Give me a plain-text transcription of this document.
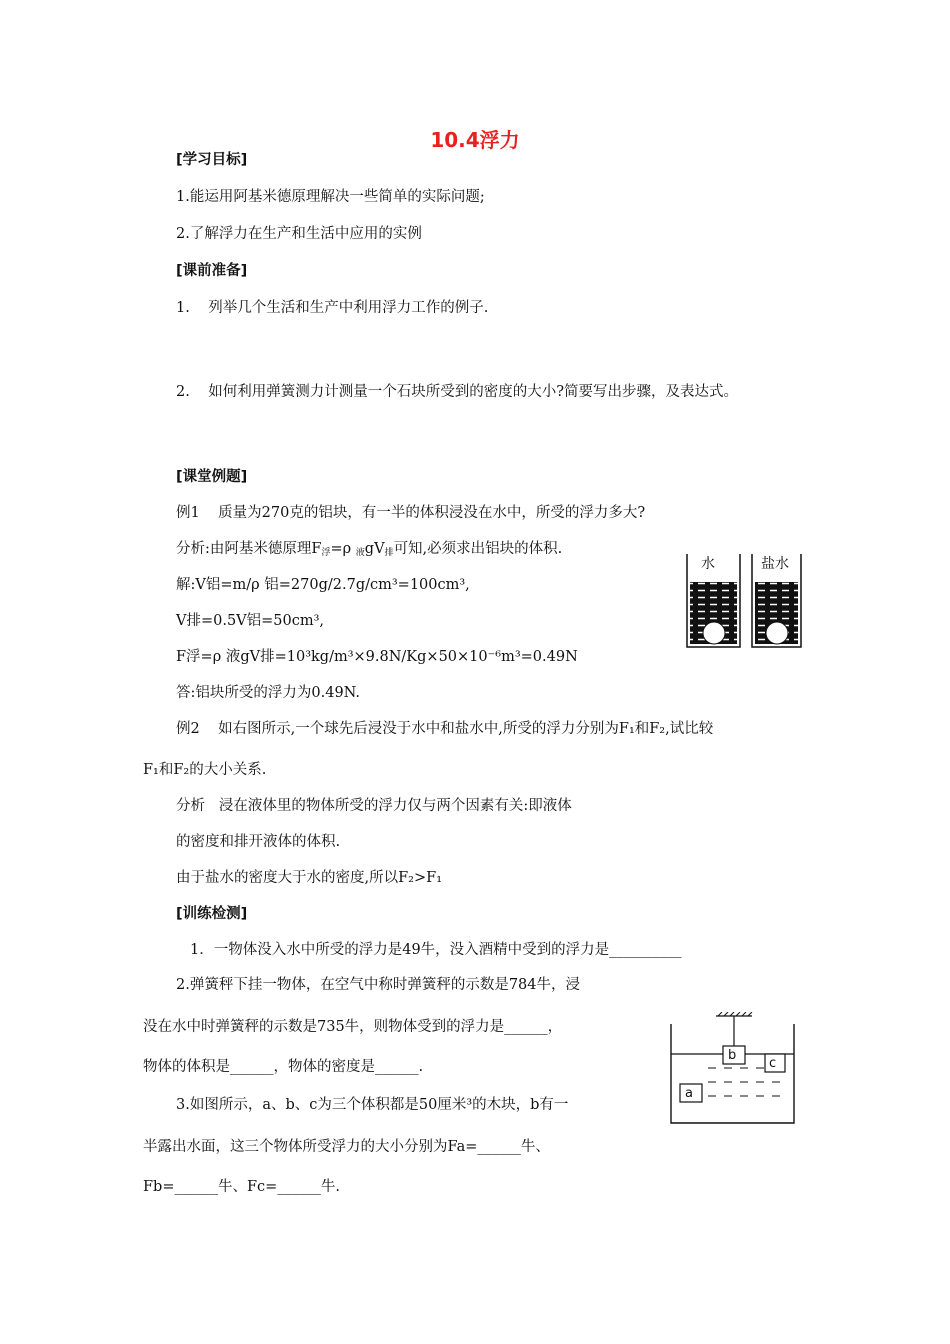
10.4浮力
[学习目标]
1.能运用阿基米德原理解决一些简单的实际问题;
2.了解浮力在生产和生活中应用的实例
[课前准备]
1.    列举几个生活和生产中利用浮力工作的例子.
2.    如何利用弹簧测力计测量一个石块所受到的密度的大小?简要写出步骤，及表达式。
[课堂例题]
例1    质量为270克的铝块，有一半的体积浸没在水中，所受的浮力多大?
分析:由阿基米德原理$F_浮=\rho$ $_液gV_排$可知,必须求出铝块的体积.
解:V铝=m/ρ 铝=270g/2.7g/cm³=100cm³,
V排=0.5V铝=50cm³,
F浮=ρ 液gV排=10³kg/m³×9.8N/Kg×50×10⁻⁶m³=0.49N
答:铝块所受的浮力为0.49N.
例2    如右图所示,一个球先后浸没于水中和盐水中,所受的浮力分别为F₁和F₂,试比较
F₁和F₂的大小关系.
分析   浸在液体里的物体所受的浮力仅与两个因素有关:即液体
的密度和排开液体的体积.
由于盐水的密度大于水的密度,所以F₂>F₁
水	盐水
[训练检测]
1．一物体没入水中所受的浮力是49牛，没入酒精中受到的浮力是__________
2.弹簧秤下挂一物体，在空气中称时弹簧秤的示数是784牛，浸
没在水中时弹簧秤的示数是735牛，则物体受到的浮力是______，
物体的体积是______，物体的密度是______.
3.如图所示，a、b、c为三个体积都是50厘米³的木块，b有一
半露出水面，这三个物体所受浮力的大小分别为Fa=______牛、
Fb=______牛、Fc=______牛.
b
c
a
